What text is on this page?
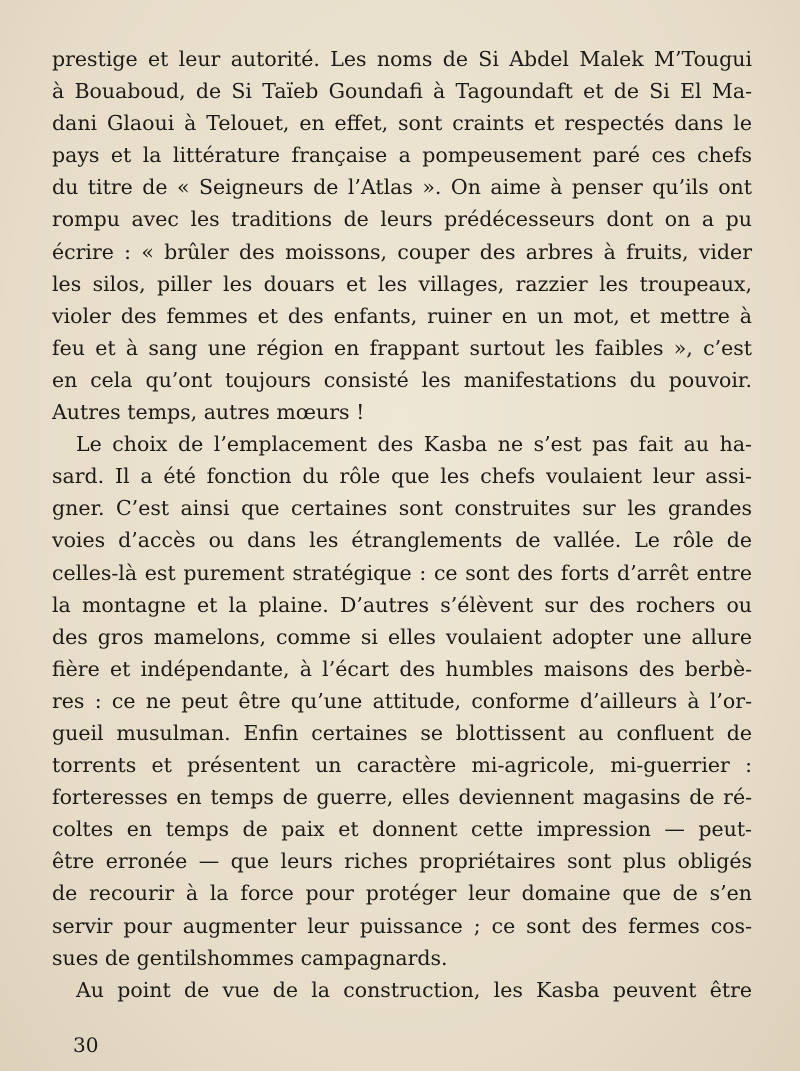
prestige et leur autorité. Les noms de Si Abdel Malek M’Tougui
à Bouaboud, de Si Taïeb Goundafi à Tagoundaft et de Si El Ma-
dani Glaoui à Telouet, en effet, sont craints et respectés dans le
pays et la littérature française a pompeusement paré ces chefs
du titre de « Seigneurs de l’Atlas ». On aime à penser qu’ils ont
rompu avec les traditions de leurs prédécesseurs dont on a pu
écrire : « brûler des moissons, couper des arbres à fruits, vider
les silos, piller les douars et les villages, razzier les troupeaux,
violer des femmes et des enfants, ruiner en un mot, et mettre à
feu et à sang une région en frappant surtout les faibles », c’est
en cela qu’ont toujours consisté les manifestations du pouvoir.
Autres temps, autres mœurs !
Le choix de l’emplacement des Kasba ne s’est pas fait au ha-
sard. Il a été fonction du rôle que les chefs voulaient leur assi-
gner. C’est ainsi que certaines sont construites sur les grandes
voies d’accès ou dans les étranglements de vallée. Le rôle de
celles-là est purement stratégique : ce sont des forts d’arrêt entre
la montagne et la plaine. D’autres s’élèvent sur des rochers ou
des gros mamelons, comme si elles voulaient adopter une allure
fière et indépendante, à l’écart des humbles maisons des berbè-
res : ce ne peut être qu’une attitude, conforme d’ailleurs à l’or-
gueil musulman. Enfin certaines se blottissent au confluent de
torrents et présentent un caractère mi-agricole, mi-guerrier :
forteresses en temps de guerre, elles deviennent magasins de ré-
coltes en temps de paix et donnent cette impression — peut-
être erronée — que leurs riches propriétaires sont plus obligés
de recourir à la force pour protéger leur domaine que de s’en
servir pour augmenter leur puissance ; ce sont des fermes cos-
sues de gentilshommes campagnards.
Au point de vue de la construction, les Kasba peuvent être
30
